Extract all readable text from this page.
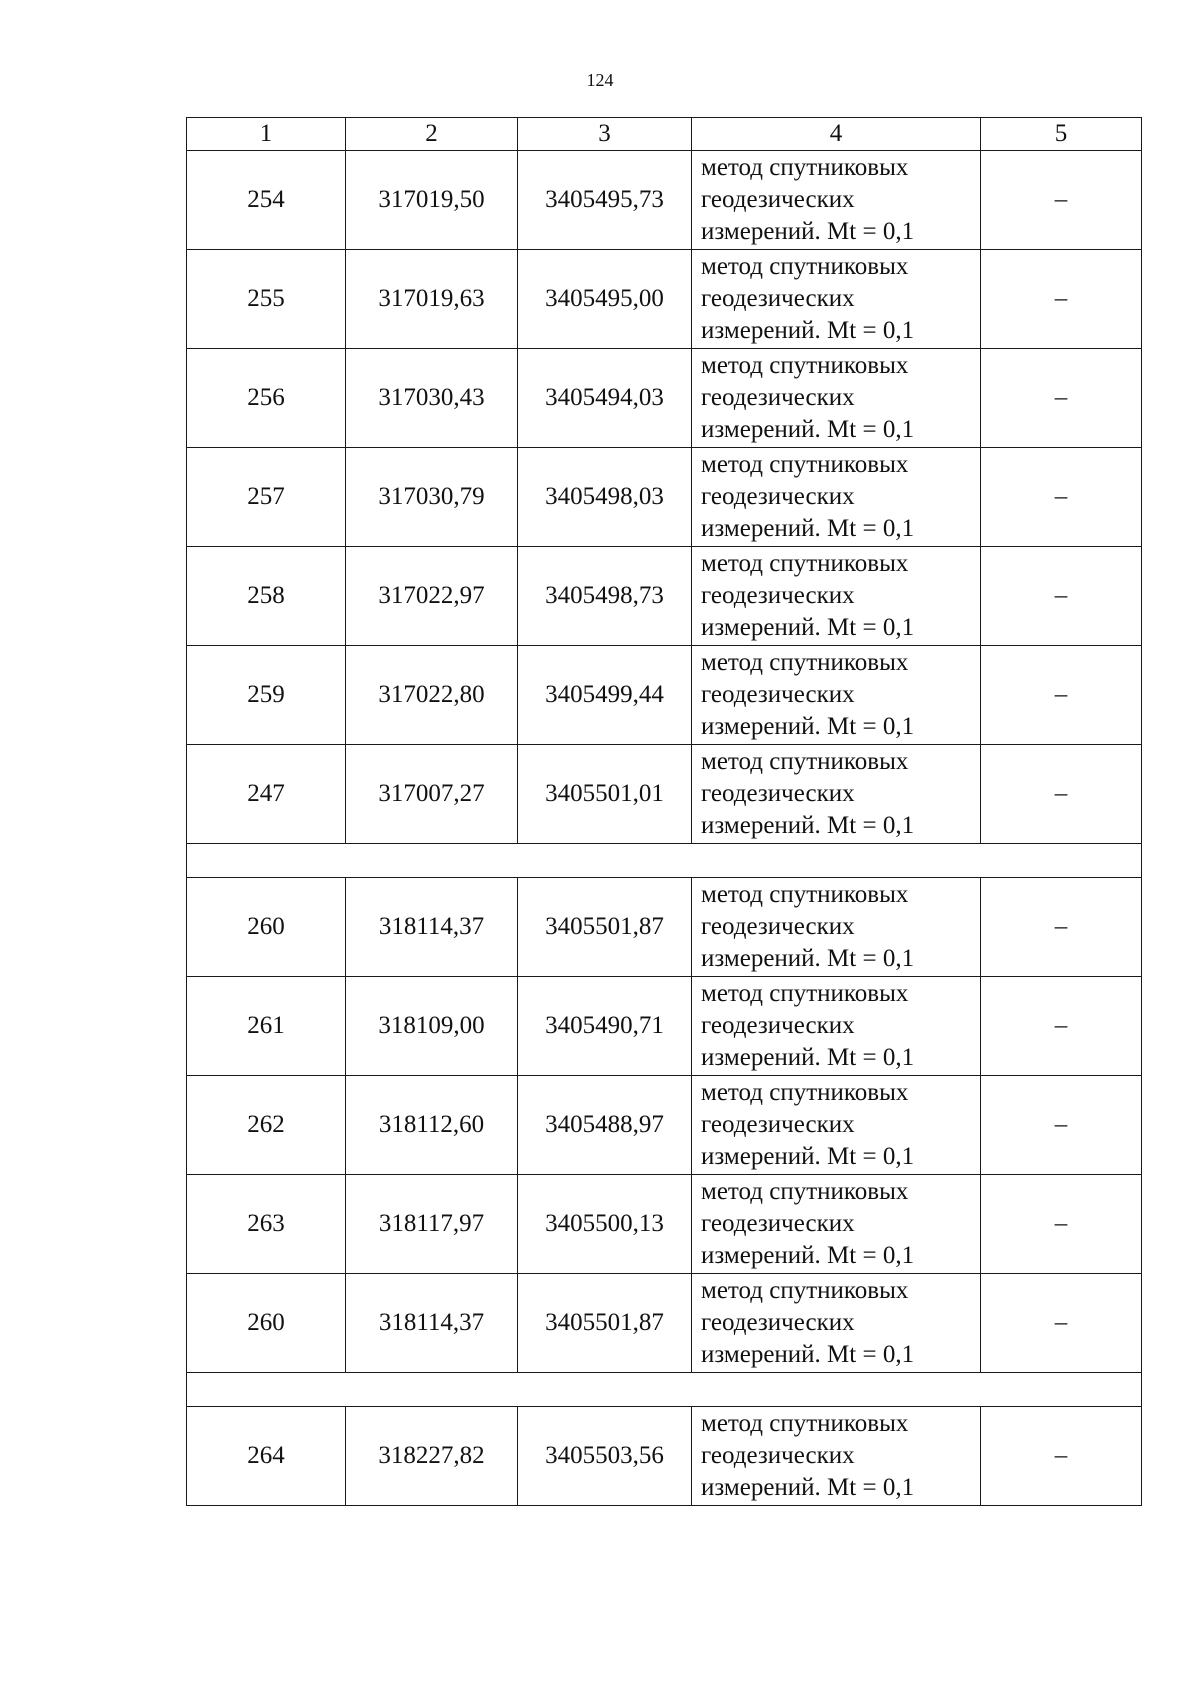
124
1	2	3	4	5
254	317019,50	3405495,73	метод спутниковых
геодезических
измерений. Mt = 0,1	–
255	317019,63	3405495,00	метод спутниковых
геодезических
измерений. Mt = 0,1	–
256	317030,43	3405494,03	метод спутниковых
геодезических
измерений. Mt = 0,1	–
257	317030,79	3405498,03	метод спутниковых
геодезических
измерений. Mt = 0,1	–
258	317022,97	3405498,73	метод спутниковых
геодезических
измерений. Mt = 0,1	–
259	317022,80	3405499,44	метод спутниковых
геодезических
измерений. Mt = 0,1	–
247	317007,27	3405501,01	метод спутниковых
геодезических
измерений. Mt = 0,1	–

260	318114,37	3405501,87	метод спутниковых
геодезических
измерений. Mt = 0,1	–
261	318109,00	3405490,71	метод спутниковых
геодезических
измерений. Mt = 0,1	–
262	318112,60	3405488,97	метод спутниковых
геодезических
измерений. Mt = 0,1	–
263	318117,97	3405500,13	метод спутниковых
геодезических
измерений. Mt = 0,1	–
260	318114,37	3405501,87	метод спутниковых
геодезических
измерений. Mt = 0,1	–

264	318227,82	3405503,56	метод спутниковых
геодезических
измерений. Mt = 0,1	–
